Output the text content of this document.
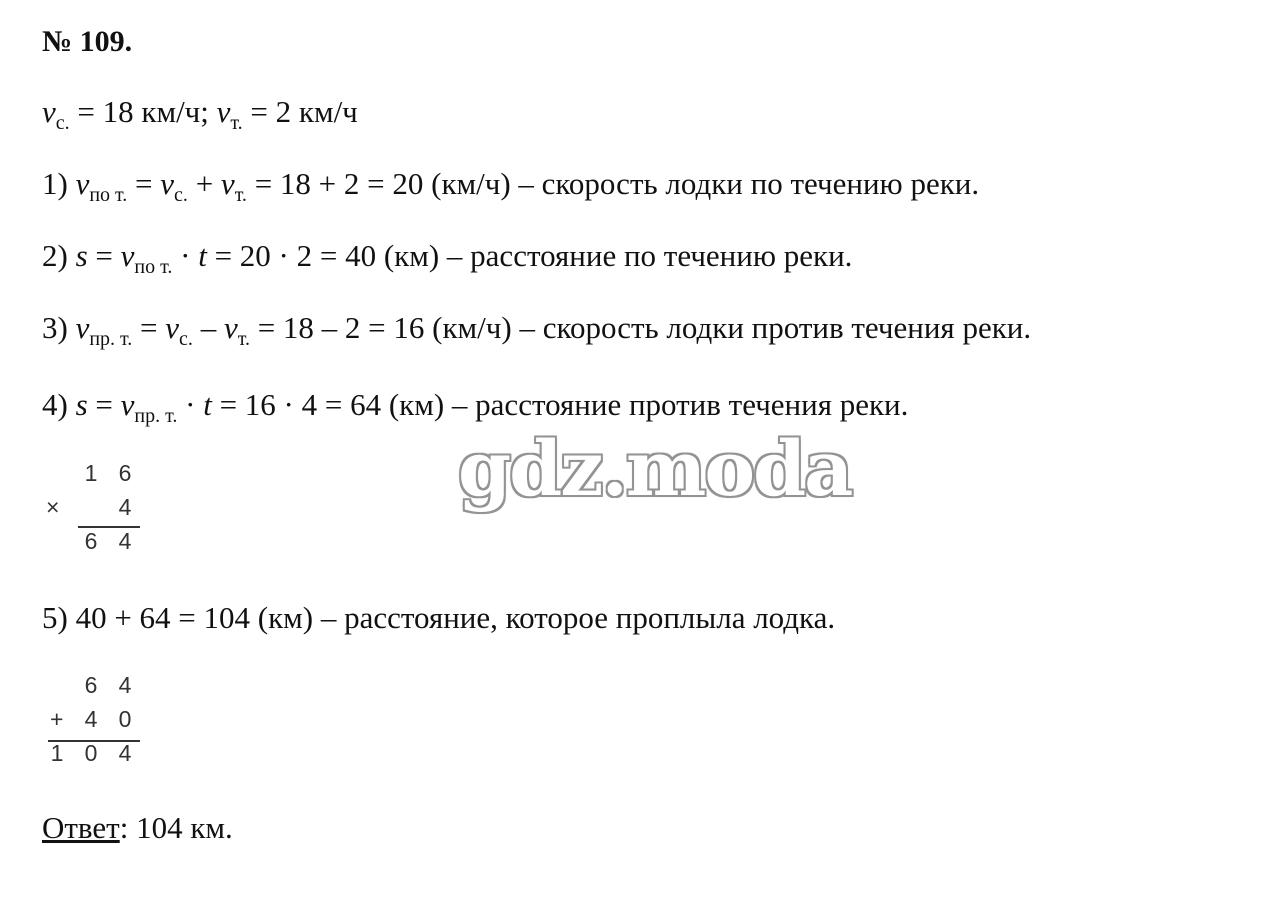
№ 109.
$v_{с.} = 18$ км/ч; $v_{т.} = 2$ км/ч
1) $v_{по т.} = v_{с.} + v_{т.} = 18 + 2 = 20$ (км/ч) – скорость лодки по течению реки.
2) $s = v_{по т.} \cdot t = 20 \cdot 2 = 40$ (км) – расстояние по течению реки.
3) $v_{пр. т.} = v_{с.} - v_{т.} = 18 - 2 = 16$ (км/ч) – скорость лодки против течения реки.
4) $s = v_{пр. т.} \cdot t = 16 \cdot 4 = 64$ (км) – расстояние против течения реки.
1 6
×	4
6 4
5) 40 + 64 = 104 (км) – расстояние, которое проплыла лодка.
6 4
+ 4 0
1 0 4
Ответ: 104 км.
gdz.moda
